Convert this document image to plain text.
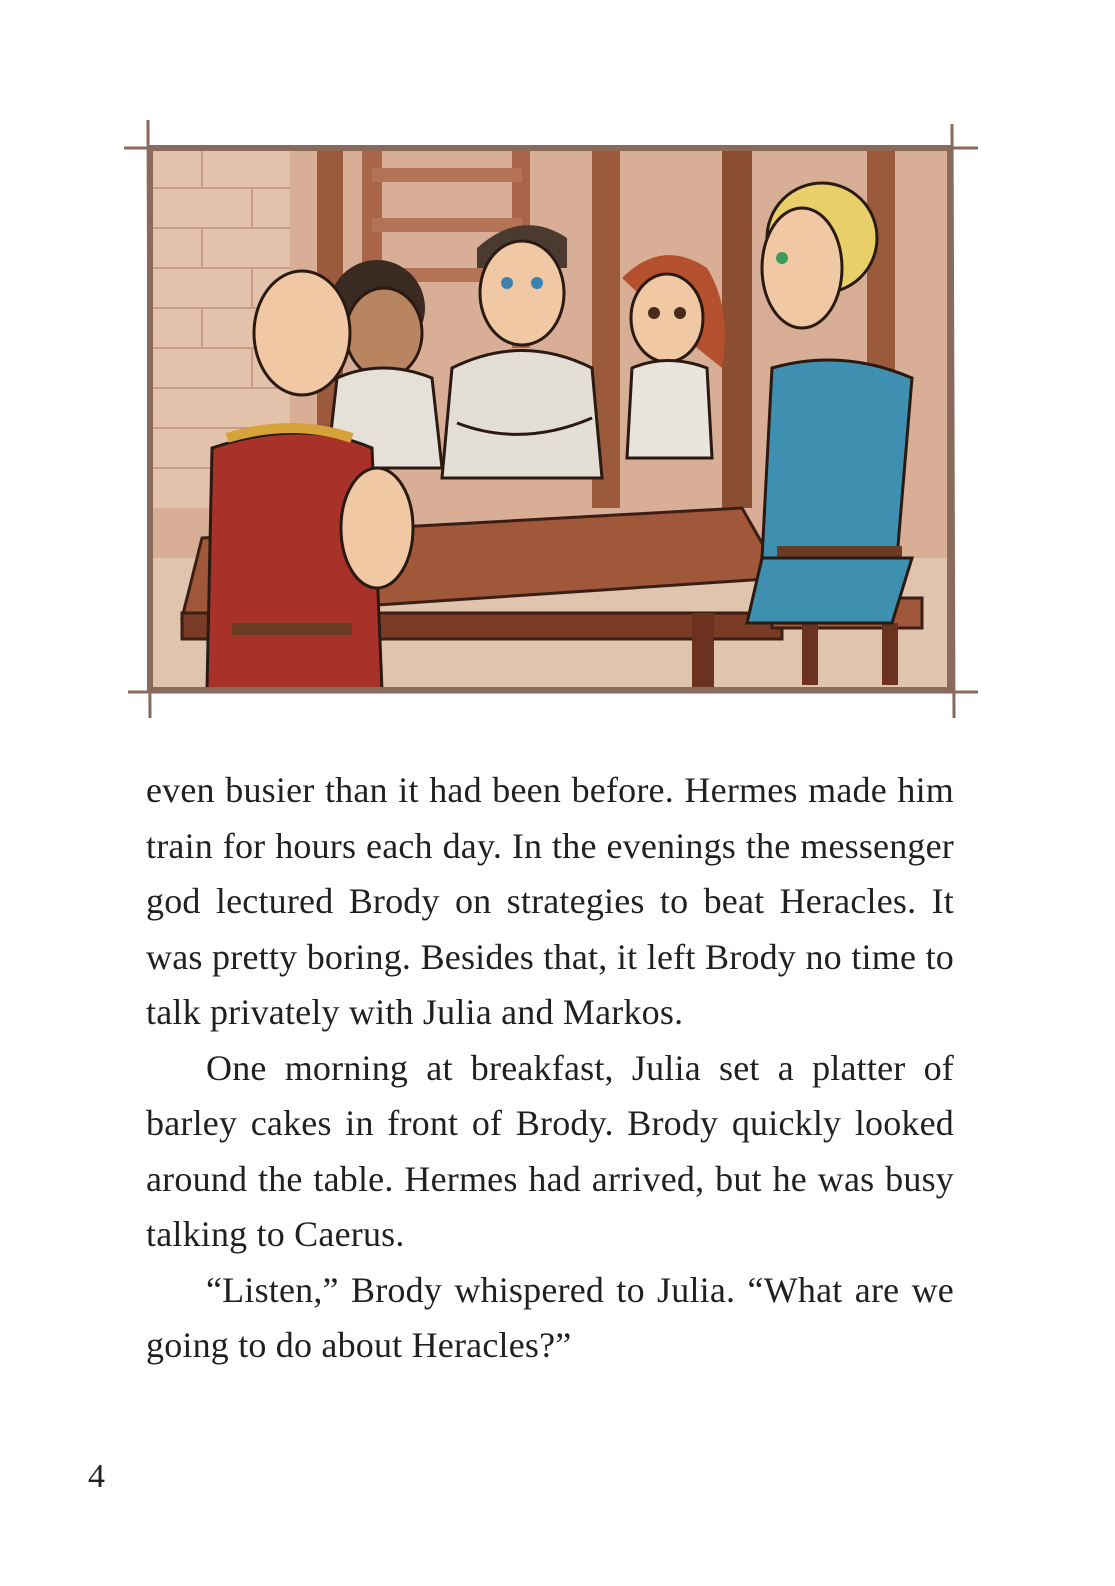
even busier than it had been before. Hermes made him train for hours each day. In the evenings the messenger god lectured Brody on strategies to beat Heracles. It was pretty boring. Besides that, it left Brody no time to talk privately with Julia and Markos.

One morning at breakfast, Julia set a platter of barley cakes in front of Brody. Brody quickly looked around the table. Hermes had arrived, but he was busy talking to Caerus.

“Listen,” Brody whispered to Julia. “What are we going to do about Heracles?”

4
